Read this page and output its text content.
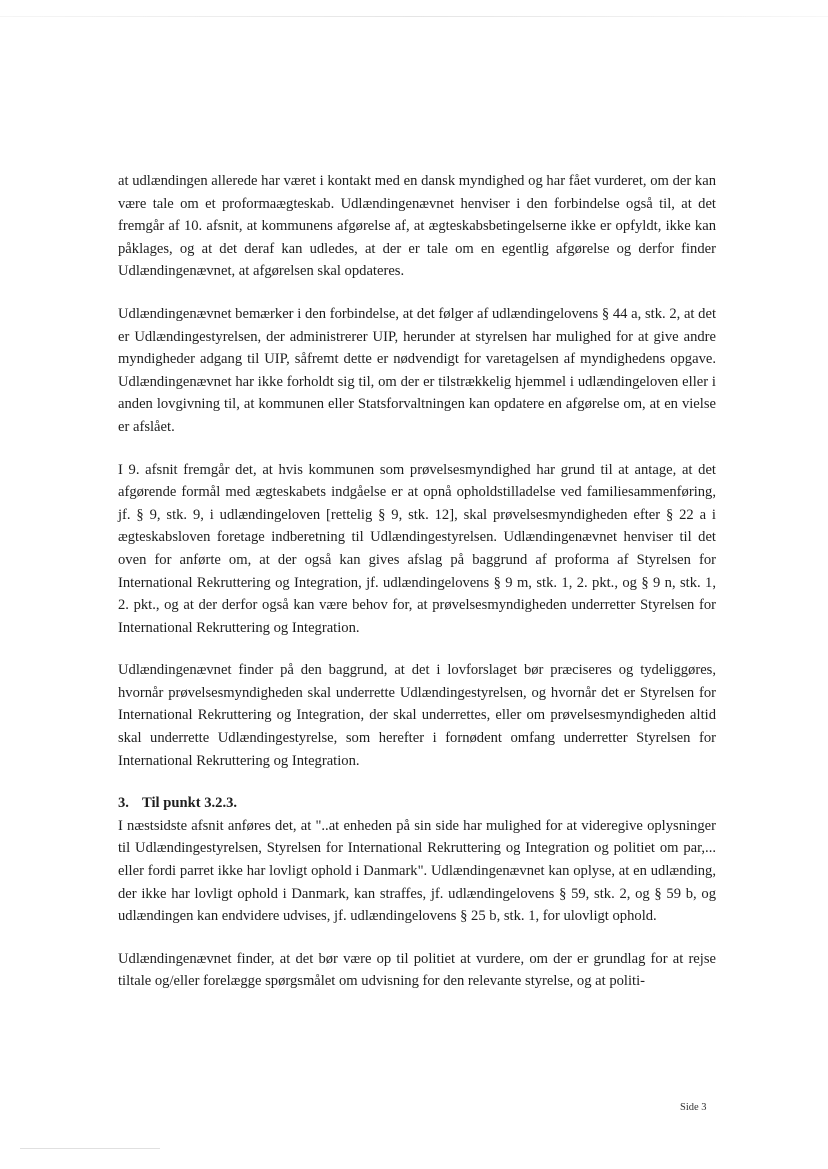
at udlændingen allerede har været i kontakt med en dansk myndighed og har fået vurderet, om der kan være tale om et proformaægteskab. Udlændingenævnet henviser i den forbindelse også til, at det fremgår af 10. afsnit, at kommunens afgørelse af, at ægteskabsbetingelserne ikke er opfyldt, ikke kan påklages, og at det deraf kan udledes, at der er tale om en egentlig afgørelse og derfor finder Udlændingenævnet, at afgørelsen skal opdateres.

Udlændingenævnet bemærker i den forbindelse, at det følger af udlændingelovens § 44 a, stk. 2, at det er Udlændingestyrelsen, der administrerer UIP, herunder at styrelsen har mulighed for at give andre myndigheder adgang til UIP, såfremt dette er nødvendigt for varetagelsen af myndighedens opgave. Udlændingenævnet har ikke forholdt sig til, om der er tilstrækkelig hjemmel i udlændingeloven eller i anden lovgivning til, at kommunen eller Statsforvaltningen kan opdatere en afgørelse om, at en vielse er afslået.

I 9. afsnit fremgår det, at hvis kommunen som prøvelsesmyndighed har grund til at antage, at det afgørende formål med ægteskabets indgåelse er at opnå opholdstilladelse ved familiesammenføring, jf. § 9, stk. 9, i udlændingeloven [rettelig § 9, stk. 12], skal prøvelsesmyndigheden efter § 22 a i ægteskabsloven foretage indberetning til Udlændingestyrelsen. Udlændingenævnet henviser til det oven for anførte om, at der også kan gives afslag på baggrund af proforma af Styrelsen for International Rekruttering og Integration, jf. udlændingelovens § 9 m, stk. 1, 2. pkt., og § 9 n, stk. 1, 2. pkt., og at der derfor også kan være behov for, at prøvelsesmyndigheden underretter Styrelsen for International Rekruttering og Integration.

Udlændingenævnet finder på den baggrund, at det i lovforslaget bør præciseres og tydeliggøres, hvornår prøvelsesmyndigheden skal underrette Udlændingestyrelsen, og hvornår det er Styrelsen for International Rekruttering og Integration, der skal underrettes, eller om prøvelsesmyndigheden altid skal underrette Udlændingestyrelse, som herefter i fornødent omfang underretter Styrelsen for International Rekruttering og Integration.

3. Til punkt 3.2.3.

I næstsidste afsnit anføres det, at "..at enheden på sin side har mulighed for at videregive oplysninger til Udlændingestyrelsen, Styrelsen for International Rekruttering og Integration og politiet om par,... eller fordi parret ikke har lovligt ophold i Danmark". Udlændingenævnet kan oplyse, at en udlænding, der ikke har lovligt ophold i Danmark, kan straffes, jf. udlændingelovens § 59, stk. 2, og § 59 b, og udlændingen kan endvidere udvises, jf. udlændingelovens § 25 b, stk. 1, for ulovligt ophold.

Udlændingenævnet finder, at det bør være op til politiet at vurdere, om der er grundlag for at rejse tiltale og/eller forelægge spørgsmålet om udvisning for den relevante styrelse, og at politi-

Side 3
